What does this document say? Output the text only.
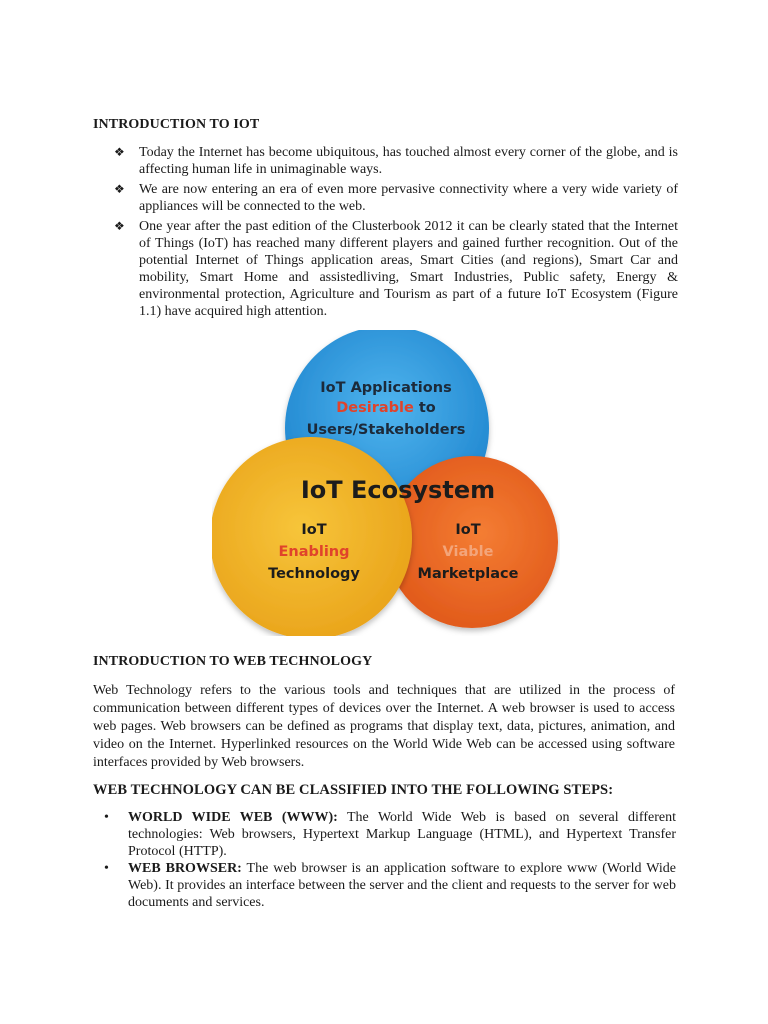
INTRODUCTION TO IOT
❖ Today the Internet has become ubiquitous, has touched almost every corner of the globe, and is affecting human life in unimaginable ways.
❖ We are now entering an era of even more pervasive connectivity where a very wide variety of appliances will be connected to the web.
❖ One year after the past edition of the Clusterbook 2012 it can be clearly stated that the Internet of Things (IoT) has reached many different players and gained further recognition. Out of the potential Internet of Things application areas, Smart Cities (and regions), Smart Car and mobility, Smart Home and assistedliving, Smart Industries, Public safety, Energy & environmental protection, Agriculture and Tourism as part of a future IoT Ecosystem (Figure 1.1) have acquired high attention.
IoT Applications
Desirable to
Users/Stakeholders
IoT Ecosystem
IoT
Enabling
Technology
IoT
Viable
Marketplace
INTRODUCTION TO WEB TECHNOLOGY

Web Technology refers to the various tools and techniques that are utilized in the process of communication between different types of devices over the Internet. A web browser is used to access web pages. Web browsers can be defined as programs that display text, data, pictures, animation, and video on the Internet. Hyperlinked resources on the World Wide Web can be accessed using software interfaces provided by Web browsers.

WEB TECHNOLOGY CAN BE CLASSIFIED INTO THE FOLLOWING STEPS:
• WORLD WIDE WEB (WWW): The World Wide Web is based on several different technologies: Web browsers, Hypertext Markup Language (HTML), and Hypertext Transfer Protocol (HTTP).
• WEB BROWSER: The web browser is an application software to explore www (World Wide Web). It provides an interface between the server and the client and requests to the server for web documents and services.
